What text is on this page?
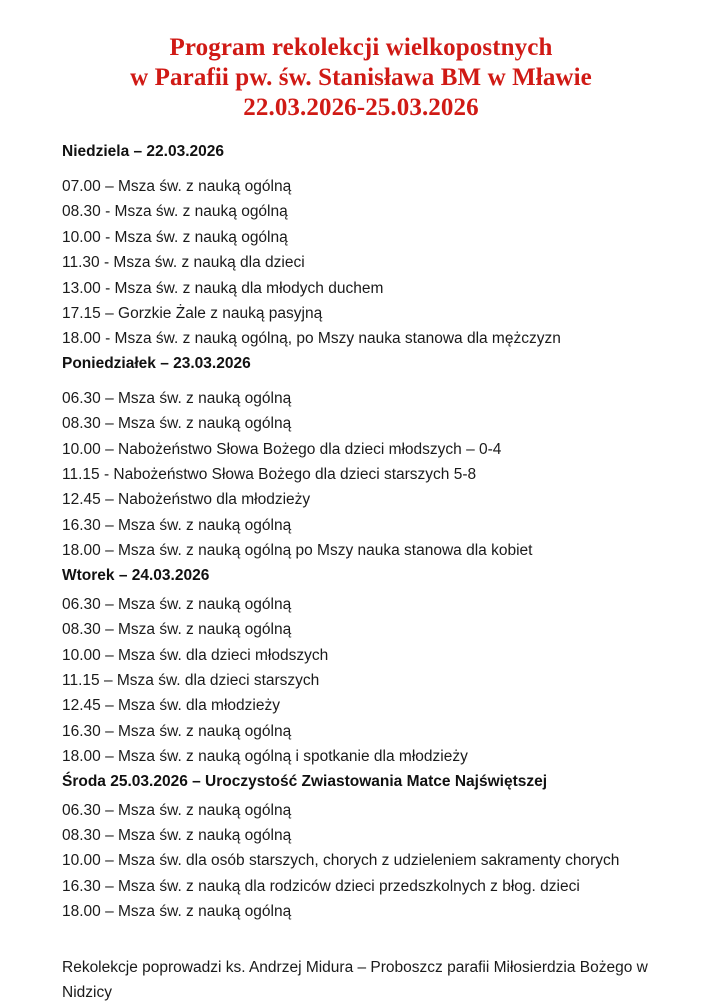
Program rekolekcji wielkopostnych
w Parafii pw. św. Stanisława BM w Mławie
22.03.2026-25.03.2026

Niedziela – 22.03.2026

07.00 – Msza św. z nauką ogólną

08.30 - Msza św. z nauką ogólną

10.00 - Msza św. z nauką ogólną

11.30 - Msza św. z nauką dla dzieci

13.00 - Msza św. z nauką dla młodych duchem

17.15 – Gorzkie Żale z nauką pasyjną

18.00 - Msza św. z nauką ogólną, po Mszy nauka stanowa dla mężczyzn

Poniedziałek – 23.03.2026

06.30 – Msza św. z nauką ogólną

08.30 – Msza św. z nauką ogólną

10.00 – Nabożeństwo Słowa Bożego dla dzieci młodszych – 0-4

11.15 - Nabożeństwo Słowa Bożego dla dzieci starszych 5-8

12.45 – Nabożeństwo dla młodzieży

16.30 – Msza św. z nauką ogólną

18.00 – Msza św. z nauką ogólną po Mszy nauka stanowa dla kobiet

Wtorek – 24.03.2026

06.30 – Msza św. z nauką ogólną

08.30 – Msza św. z nauką ogólną

10.00 – Msza św. dla dzieci młodszych

11.15 – Msza św. dla dzieci starszych

12.45 – Msza św. dla młodzieży

16.30 – Msza św. z nauką ogólną

18.00 – Msza św. z nauką ogólną i spotkanie dla młodzieży

Środa 25.03.2026 – Uroczystość Zwiastowania Matce Najświętszej

06.30 – Msza św. z nauką ogólną

08.30 – Msza św. z nauką ogólną

10.00 – Msza św. dla osób starszych, chorych z udzieleniem sakramenty chorych

16.30 – Msza św. z nauką dla rodziców dzieci przedszkolnych z błog. dzieci

18.00 – Msza św. z nauką ogólną

Rekolekcje poprowadzi ks. Andrzej Midura – Proboszcz parafii Miłosierdzia Bożego w Nidzicy
